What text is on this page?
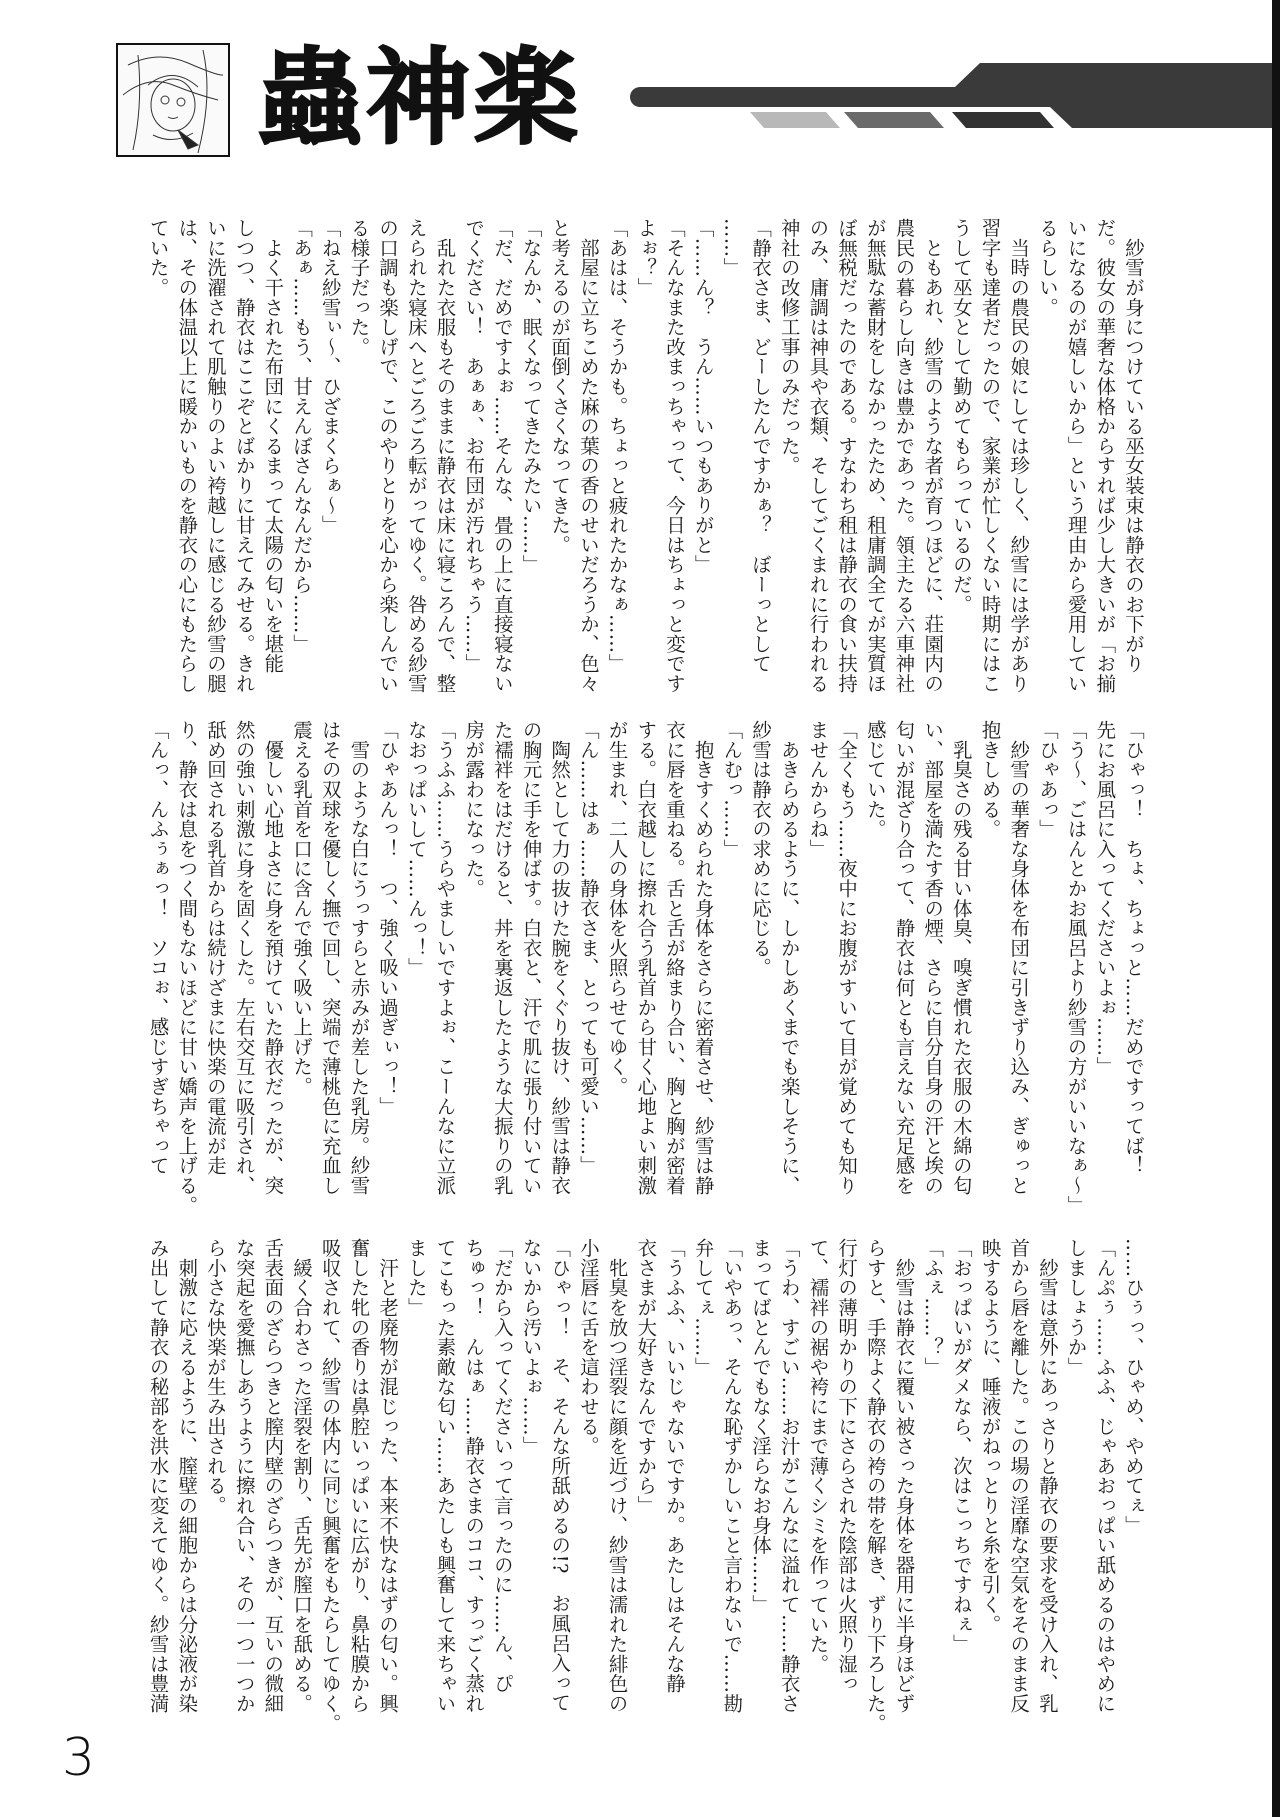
蟲神楽
　紗雪が身につけている巫女装束は静衣のお下がり
だ。彼女の華奢な体格からすれば少し大きいが「お揃
いになるのが嬉しいから」という理由から愛用してい
るらしい。
　当時の農民の娘にしては珍しく、紗雪には学があり
習字も達者だったので、家業が忙しくない時期にはこ
うして巫女として勤めてもらっているのだ。
　ともあれ、紗雪のような者が育つほどに、荘園内の
農民の暮らし向きは豊かであった。領主たる六車神社
が無駄な蓄財をしなかったため、租庸調全てが実質ほ
ぼ無税だったのである。すなわち租は静衣の食い扶持
のみ、庸調は神具や衣類、そしてごくまれに行われる
神社の改修工事のみだった。
「静衣さま、どーしたんですかぁ？　ぼーっとして
……」
「……ん？　うん……いつもありがと」
「そんなまた改まっちゃって、今日はちょっと変です
よぉ？」
「あはは、そうかも。ちょっと疲れたかなぁ……」
　部屋に立ちこめた麻の葉の香のせいだろうか、色々
と考えるのが面倒くさくなってきた。
「なんか、眠くなってきたみたい……」
「だ、だめですよぉ……そんな、畳の上に直接寝ない
でください！　あぁぁ、お布団が汚れちゃう……」
　乱れた衣服もそのままに静衣は床に寝ころんで、整
えられた寝床へとごろごろ転がってゆく。咎める紗雪
の口調も楽しげで、このやりとりを心から楽しんでい
る様子だった。
「ねえ紗雪ぃ～、ひざまくらぁ～」
「あぁ……もう、甘えんぼさんなんだから……」
　よく干された布団にくるまって太陽の匂いを堪能
しつつ、静衣はここぞとばかりに甘えてみせる。きれ
いに洗濯されて肌触りのよい袴越しに感じる紗雪の腿
は、その体温以上に暖かいものを静衣の心にもたらし
ていた。
「ひゃっ！　ちょ、ちょっと……だめですってば！
先にお風呂に入ってくださいよぉ……」
「う～、ごはんとかお風呂より紗雪の方がいいなぁ～」
「ひゃあっ」
　紗雪の華奢な身体を布団に引きずり込み、ぎゅっと
抱きしめる。
　乳臭さの残る甘い体臭、嗅ぎ慣れた衣服の木綿の匂
い、部屋を満たす香の煙、さらに自分自身の汗と埃の
匂いが混ざり合って、静衣は何とも言えない充足感を
感じていた。
「全くもう……夜中にお腹がすいて目が覚めても知り
ませんからね」
　あきらめるように、しかしあくまでも楽しそうに、
紗雪は静衣の求めに応じる。
「んむっ……」
　抱きすくめられた身体をさらに密着させ、紗雪は静
衣に唇を重ねる。舌と舌が絡まり合い、胸と胸が密着
する。白衣越しに擦れ合う乳首から甘く心地よい刺激
が生まれ、二人の身体を火照らせてゆく。
「ん……はぁ……静衣さま、とっても可愛い……」
　陶然として力の抜けた腕をくぐり抜け、紗雪は静衣
の胸元に手を伸ばす。白衣と、汗で肌に張り付いてい
た襦袢をはだけると、丼を裏返したような大振りの乳
房が露わになった。
「うふふ……うらやましいですよぉ、こーんなに立派
なおっぱいして……んっ！」
「ひゃあんっ！　つ、強く吸い過ぎぃっ！」
　雪のような白にうっすらと赤みが差した乳房。紗雪
はその双球を優しく撫で回し、突端で薄桃色に充血し
震える乳首を口に含んで強く吸い上げた。
　優しい心地よさに身を預けていた静衣だったが、突
然の強い刺激に身を固くした。左右交互に吸引され、
舐め回される乳首からは続けざまに快楽の電流が走
り、静衣は息をつく間もないほどに甘い嬌声を上げる。
「んっ、んふぅぁっ！　ソコぉ、感じすぎちゃって
……ひぅっ、ひゃめ、やめてぇ」
「んぷぅ……ふふ、じゃあおっぱい舐めるのはやめに
しましょうか」
　紗雪は意外にあっさりと静衣の要求を受け入れ、乳
首から唇を離した。この場の淫靡な空気をそのまま反
映するように、唾液がねっとりと糸を引く。
「おっぱいがダメなら、次はこっちですねぇ」
「ふぇ……？」
　紗雪は静衣に覆い被さった身体を器用に半身ほどず
らすと、手際よく静衣の袴の帯を解き、ずり下ろした。
行灯の薄明かりの下にさらされた陰部は火照り湿っ
て、襦袢の裾や袴にまで薄くシミを作っていた。
「うわ、すごい……お汁がこんなに溢れて……静衣さ
まってばとんでもなく淫らなお身体……」
「いやあっ、そんな恥ずかしいこと言わないで……勘
弁してぇ……」
「うふふ、いいじゃないですか。あたしはそんな静
衣さまが大好きなんですから」
　牝臭を放つ淫裂に顔を近づけ、紗雪は濡れた緋色の
小淫唇に舌を這わせる。
「ひゃっ！　そ、そんな所舐めるの!?　お風呂入って
ないから汚いよぉ……」
「だから入ってくださいって言ったのに……ん、ぴ
ちゅっ！　んはぁ……静衣さまのココ、すっごく蒸れ
てこもった素敵な匂い……あたしも興奮して来ちゃい
ました」
　汗と老廃物が混じった、本来不快なはずの匂い。興
奮した牝の香りは鼻腔いっぱいに広がり、鼻粘膜から
吸収されて、紗雪の体内に同じ興奮をもたらしてゆく。
　緩く合わさった淫裂を割り、舌先が膣口を舐める。
舌表面のざらつきと膣内壁のざらつきが、互いの微細
な突起を愛撫しあうように擦れ合い、その一つ一つか
ら小さな快楽が生み出される。
　刺激に応えるように、膣壁の細胞からは分泌液が染
み出して静衣の秘部を洪水に変えてゆく。紗雪は豊満
3
